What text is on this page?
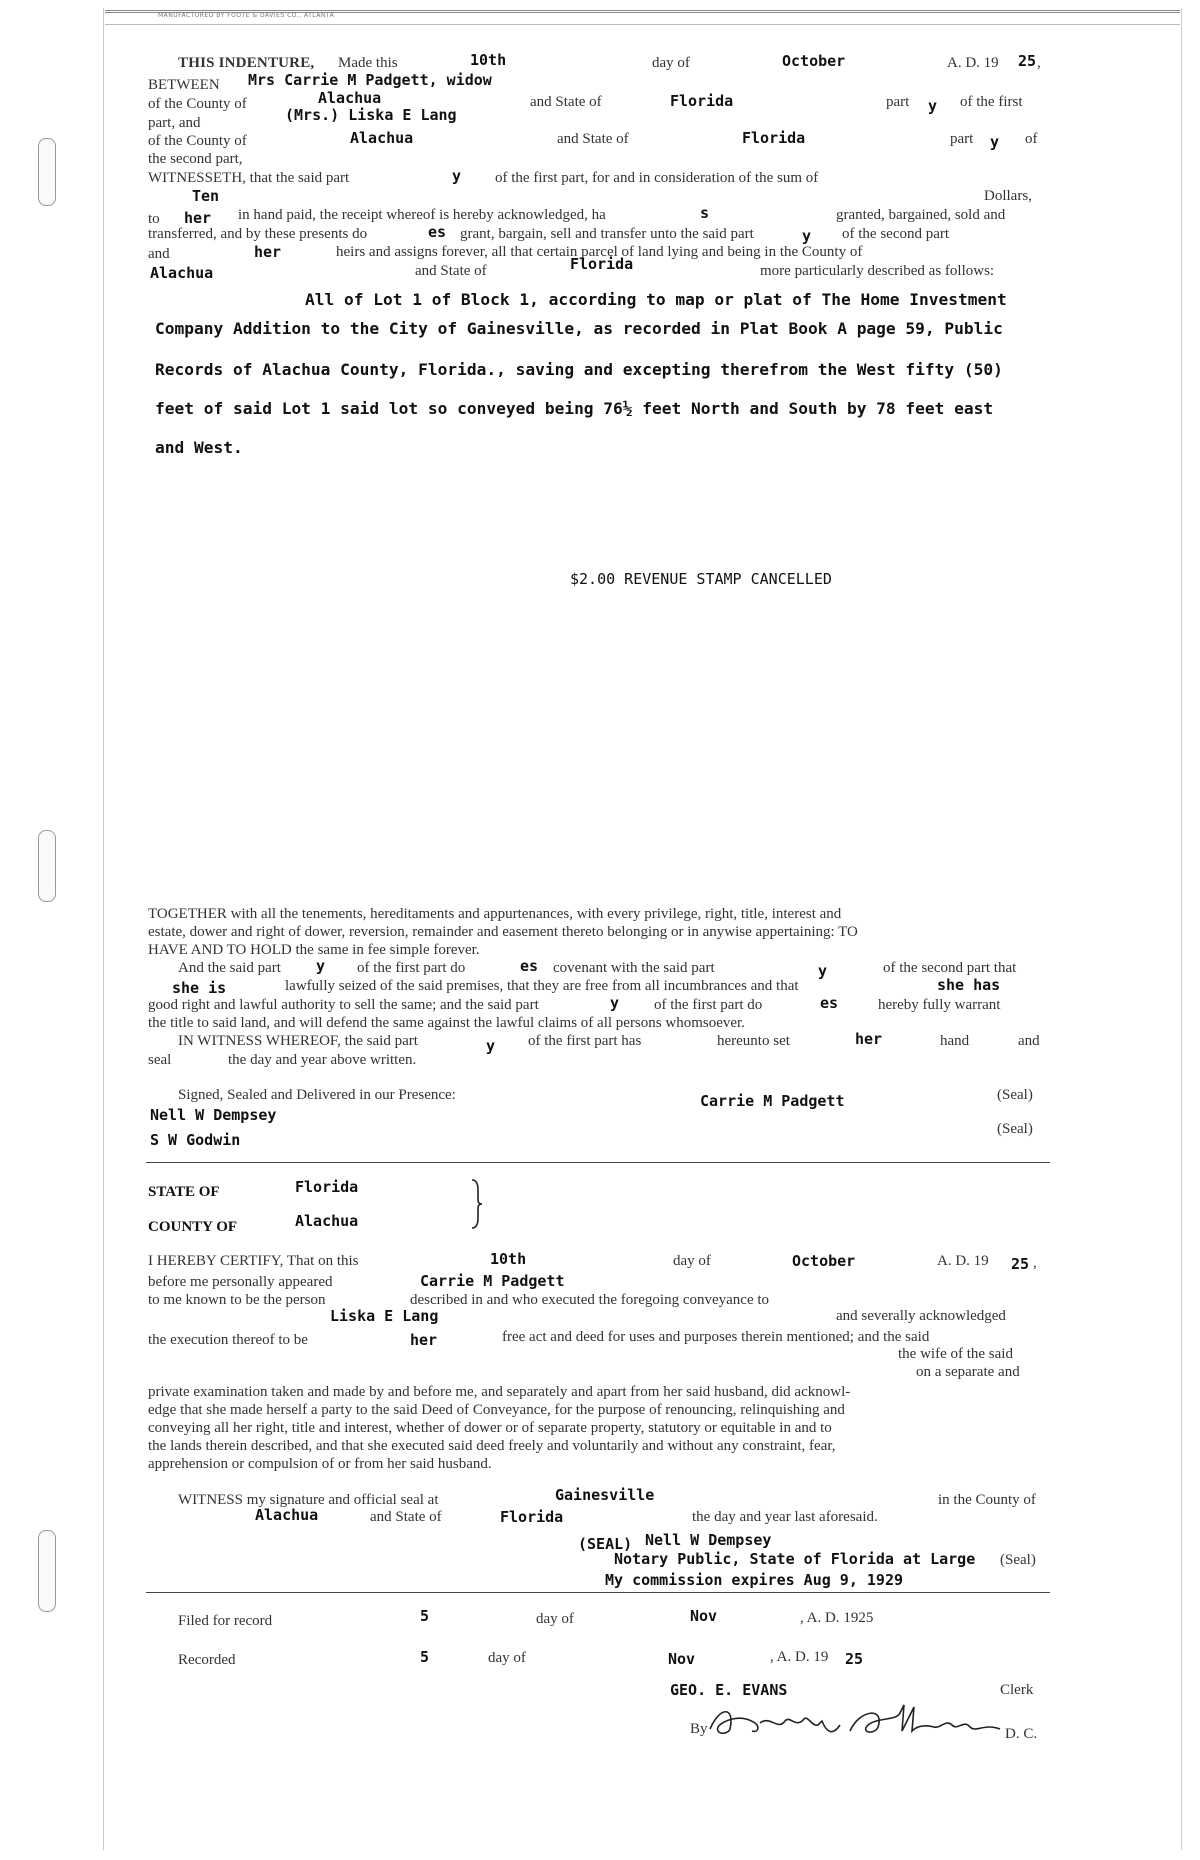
MANUFACTURED BY FOOTE & DAVIES CO., ATLANTA
THIS INDENTURE, Made this	10th	day of	October	A. D. 19 25 ,
BETWEEN Mrs Carrie M Padgett, widow
of the County of	Alachua	and State of	Florida	part y of the first
part, and	(Mrs.) Liska E Lang
of the County of	Alachua	and State of	Florida	part y of
the second part,
WITNESSETH, that the said part	y of the first part, for and in consideration of the sum of
Ten	Dollars,
to her in hand paid, the receipt whereof is hereby acknowledged, ha	s	granted, bargained, sold and
transferred, and by these presents do	es grant, bargain, sell and transfer unto the said part	y of the second part
and	her	heirs and assigns forever, all that certain parcel of land lying and being in the County of
Alachua	and State of	Florida	more particularly described as follows:
All of Lot 1 of Block 1, according to map or plat of The Home Investment
Company Addition to the City of Gainesville, as recorded in Plat Book A page 59, Public
Records of Alachua County, Florida., saving and excepting therefrom the West fifty (50)
feet of said Lot 1 said lot so conveyed being 76½ feet North and South by 78 feet east
and West.
$2.00 REVENUE STAMP CANCELLED
TOGETHER with all the tenements, hereditaments and appurtenances, with every privilege, right, title, interest and
estate, dower and right of dower, reversion, remainder and easement thereto belonging or in anywise appertaining: TO
HAVE AND TO HOLD the same in fee simple forever.
And the said part y of the first part do	es covenant with the said part	y	of the second part that
she is	lawfully seized of the said premises, that they are free from all incumbrances and that	she has
good right and lawful authority to sell the same; and the said part	y of the first part do	es	hereby fully warrant
the title to said land, and will defend the same against the lawful claims of all persons whomsoever.
IN WITNESS WHEREOF, the said part	y of the first part has	hereunto set	her	hand	and
seal	the day and year above written.
Signed, Sealed and Delivered in our Presence:
Nell W Dempsey
S W Godwin
Carrie M Padgett	(Seal)
(Seal)
STATE OF	Florida
COUNTY OF	Alachua
I HEREBY CERTIFY, That on this	10th	day of	October	A. D. 19 25 ,
before me personally appeared	Carrie M Padgett
to me known to be the person	described in and who executed the foregoing conveyance to
Liska E Lang	and severally acknowledged
the execution thereof to be	her	free act and deed for uses and purposes therein mentioned; and the said
the wife of the said
on a separate and
private examination taken and made by and before me, and separately and apart from her said husband, did acknowl-
edge that she made herself a party to the said Deed of Conveyance, for the purpose of renouncing, relinquishing and
conveying all her right, title and interest, whether of dower or of separate property, statutory or equitable in and to
the lands therein described, and that she executed said deed freely and voluntarily and without any constraint, fear,
apprehension or compulsion of or from her said husband.
WITNESS my signature and official seal at	Gainesville	in the County of
Alachua	and State of	Florida	the day and year last aforesaid.
(SEAL) Nell W Dempsey
Notary Public, State of Florida at Large (Seal)
My commission expires Aug 9, 1929
Filed for record	5	day of	Nov	, A. D. 1925
Recorded	5	day of	Nov	, A. D. 19 25
GEO. E. EVANS	Clerk
By	D. C.
